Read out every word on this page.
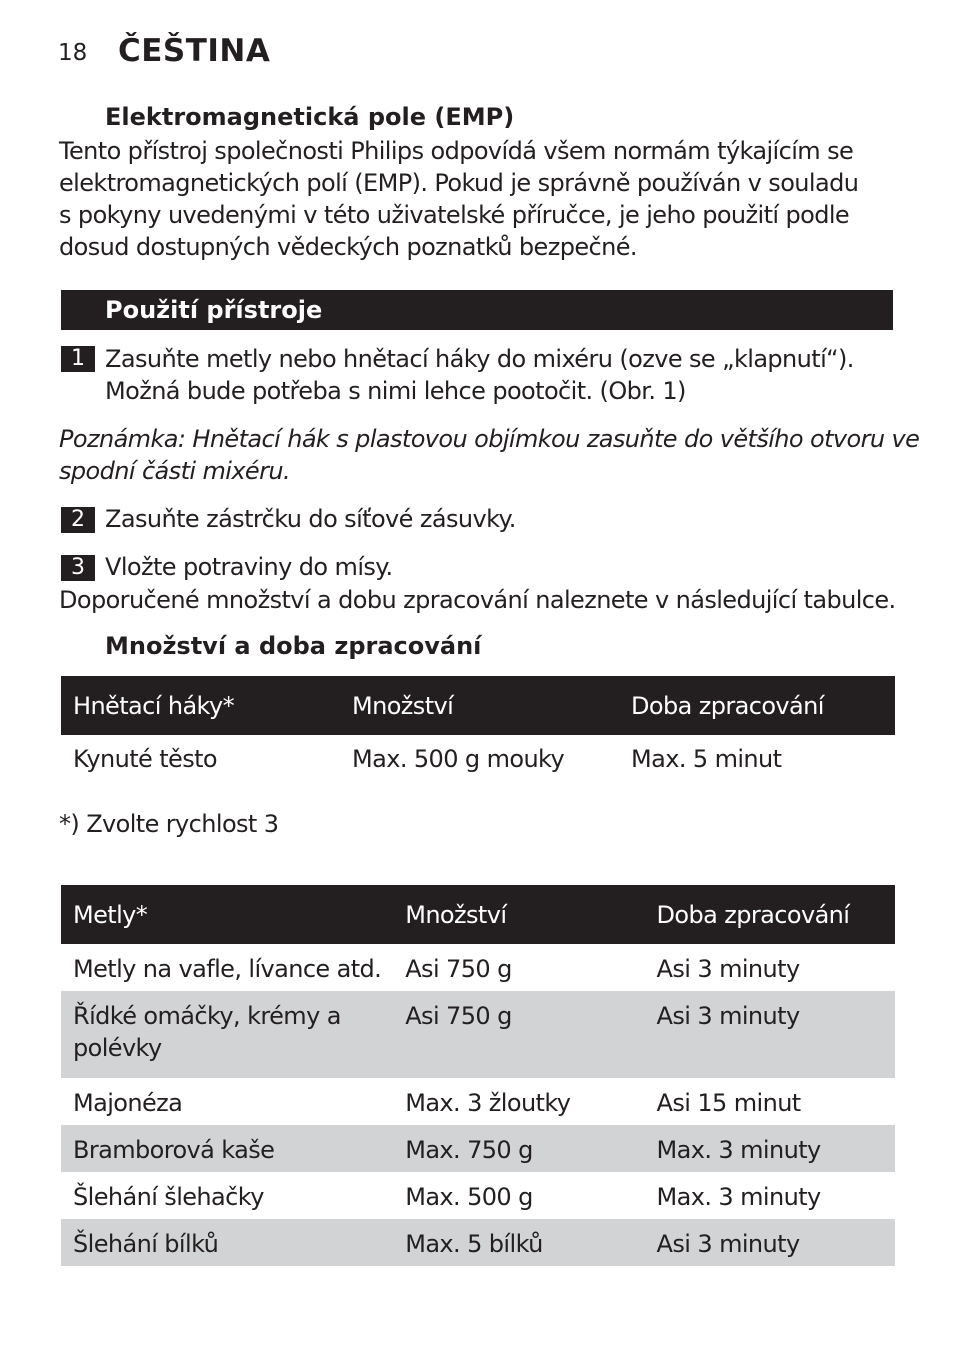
18 ČEŠTINA
Elektromagnetická pole (EMP)
Tento přístroj společnosti Philips odpovídá všem normám týkajícím se
elektromagnetických polí (EMP). Pokud je správně používán v souladu
s pokyny uvedenými v této uživatelské příručce, je jeho použití podle
dosud dostupných vědeckých poznatků bezpečné.
Použití přístroje
1 Zasuňte metly nebo hnětací háky do mixéru (ozve se „klapnutí“).
Možná bude potřeba s nimi lehce pootočit. (Obr. 1)
Poznámka: Hnětací hák s plastovou objímkou zasuňte do většího otvoru ve
spodní části mixéru.
2 Zasuňte zástrčku do síťové zásuvky.
3 Vložte potraviny do mísy.
Doporučené množství a dobu zpracování naleznete v následující tabulce.
Množství a doba zpracování
Hnětací háky*	Množství	Doba zpracování
Kynuté těsto	Max. 500 g mouky	Max. 5 minut
*) Zvolte rychlost 3
Metly*	Množství	Doba zpracování
Metly na vafle, lívance atd.	Asi 750 g	Asi 3 minuty
Řídké omáčky, krémy a polévky	Asi 750 g	Asi 3 minuty
Majonéza	Max. 3 žloutky	Asi 15 minut
Bramborová kaše	Max. 750 g	Max. 3 minuty
Šlehání šlehačky	Max. 500 g	Max. 3 minuty
Šlehání bílků	Max. 5 bílků	Asi 3 minuty
